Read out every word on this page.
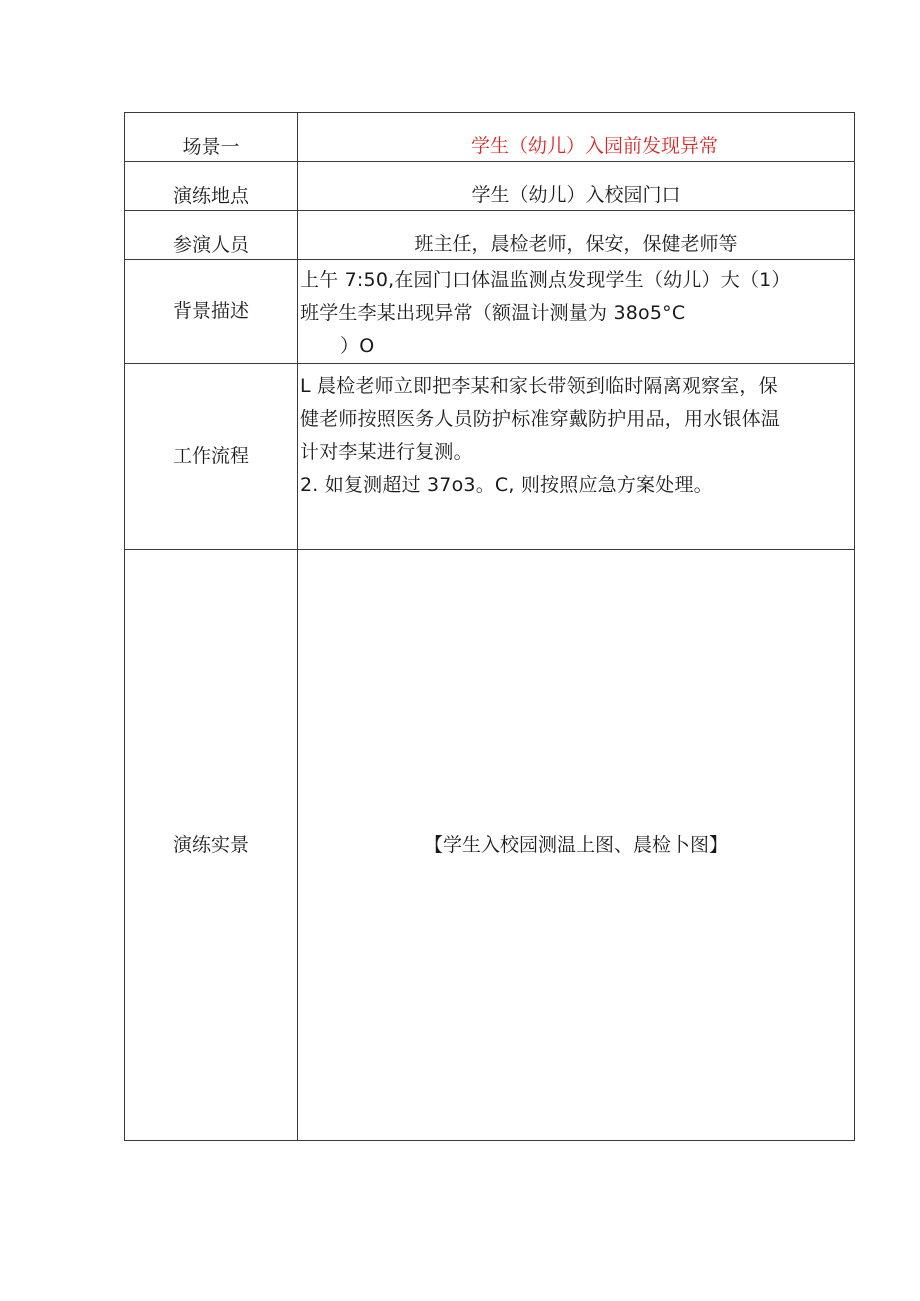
场景一	学生（幼儿）入园前发现异常
演练地点	学生（幼儿）入校园门口
参演人员	班主任，晨检老师，保安，保健老师等
背景描述	上午 7:50,在园门口体温监测点发现学生（幼儿）大（1）
班学生李某出现异常（额温计测量为 38o5°C
）O

工作流程	L 晨检老师立即把李某和家长带领到临时隔离观察室，保
健老师按照医务人员防护标准穿戴防护用品，用水银体温
计对李某进行复测。
2. 如复测超过 37o3。C, 则按照应急方案处理。

演练实景	【学生入校园测温上图、晨检卜图】
